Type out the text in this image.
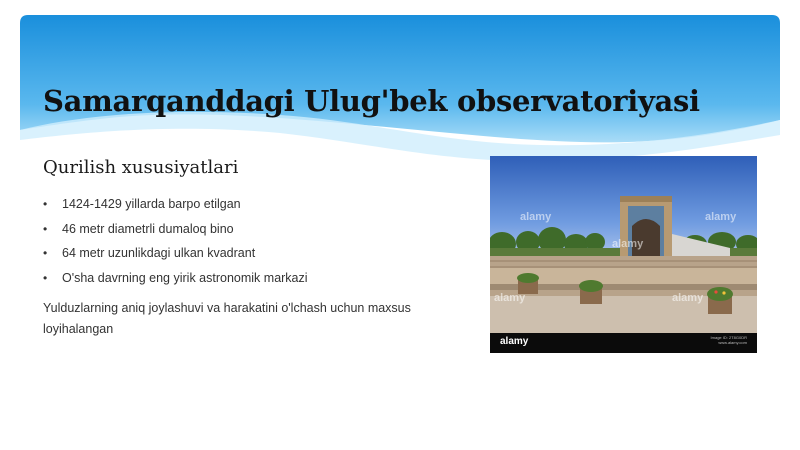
Samarqanddagi Ulug'bek observatoriyasi
Qurilish xususiyatlari
• 1424-1429 yillarda barpo etilgan
• 46 metr diametrli dumaloq bino
• 64 metr uzunlikdagi ulkan kvadrant
• O'sha davrning eng yirik astronomik markazi
Yulduzlarning aniq joylashuvi va harakatini o'lchash uchun maxsus loyihalangan
alamy
alamy
alamy
alamy	alamy
alamy	Image ID: 2T8G0DR
www.alamy.com
